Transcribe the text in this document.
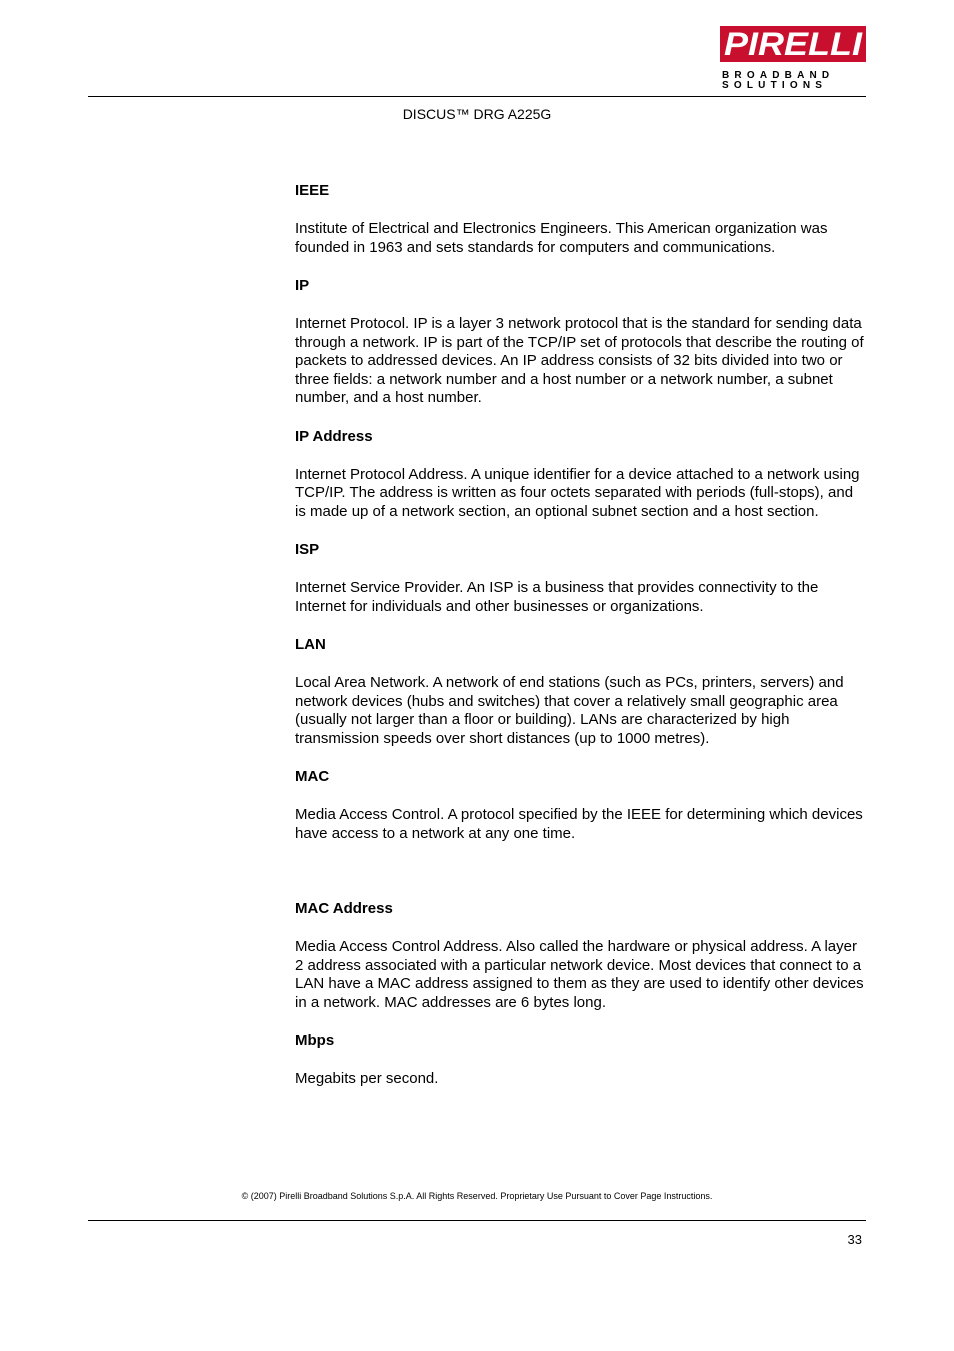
PIRELLI
BROADBAND
SOLUTIONS
DISCUS™ DRG A225G

IEEE

Institute of Electrical and Electronics Engineers. This American organization was founded in 1963 and sets standards for computers and communications.

IP

Internet Protocol. IP is a layer 3 network protocol that is the standard for sending data through a network. IP is part of the TCP/IP set of protocols that describe the routing of packets to addressed devices. An IP address consists of 32 bits divided into two or three fields: a network number and a host number or a network number, a subnet number, and a host number.

IP Address

Internet Protocol Address. A unique identifier for a device attached to a network using TCP/IP. The address is written as four octets separated with periods (full-stops), and is made up of a network section, an optional subnet section and a host section.

ISP

Internet Service Provider. An ISP is a business that provides connectivity to the Internet for individuals and other businesses or organizations.

LAN

Local Area Network. A network of end stations (such as PCs, printers, servers) and network devices (hubs and switches) that cover a relatively small geographic area (usually not larger than a floor or building). LANs are characterized by high transmission speeds over short distances (up to 1000 metres).

MAC

Media Access Control. A protocol specified by the IEEE for determining which devices have access to a network at any one time.

MAC Address

Media Access Control Address. Also called the hardware or physical address. A layer 2 address associated with a particular network device. Most devices that connect to a LAN have a MAC address assigned to them as they are used to identify other devices in a network. MAC addresses are 6 bytes long.

Mbps

Megabits per second.

© (2007) Pirelli Broadband Solutions S.p.A. All Rights Reserved. Proprietary Use Pursuant to Cover Page Instructions.
33
